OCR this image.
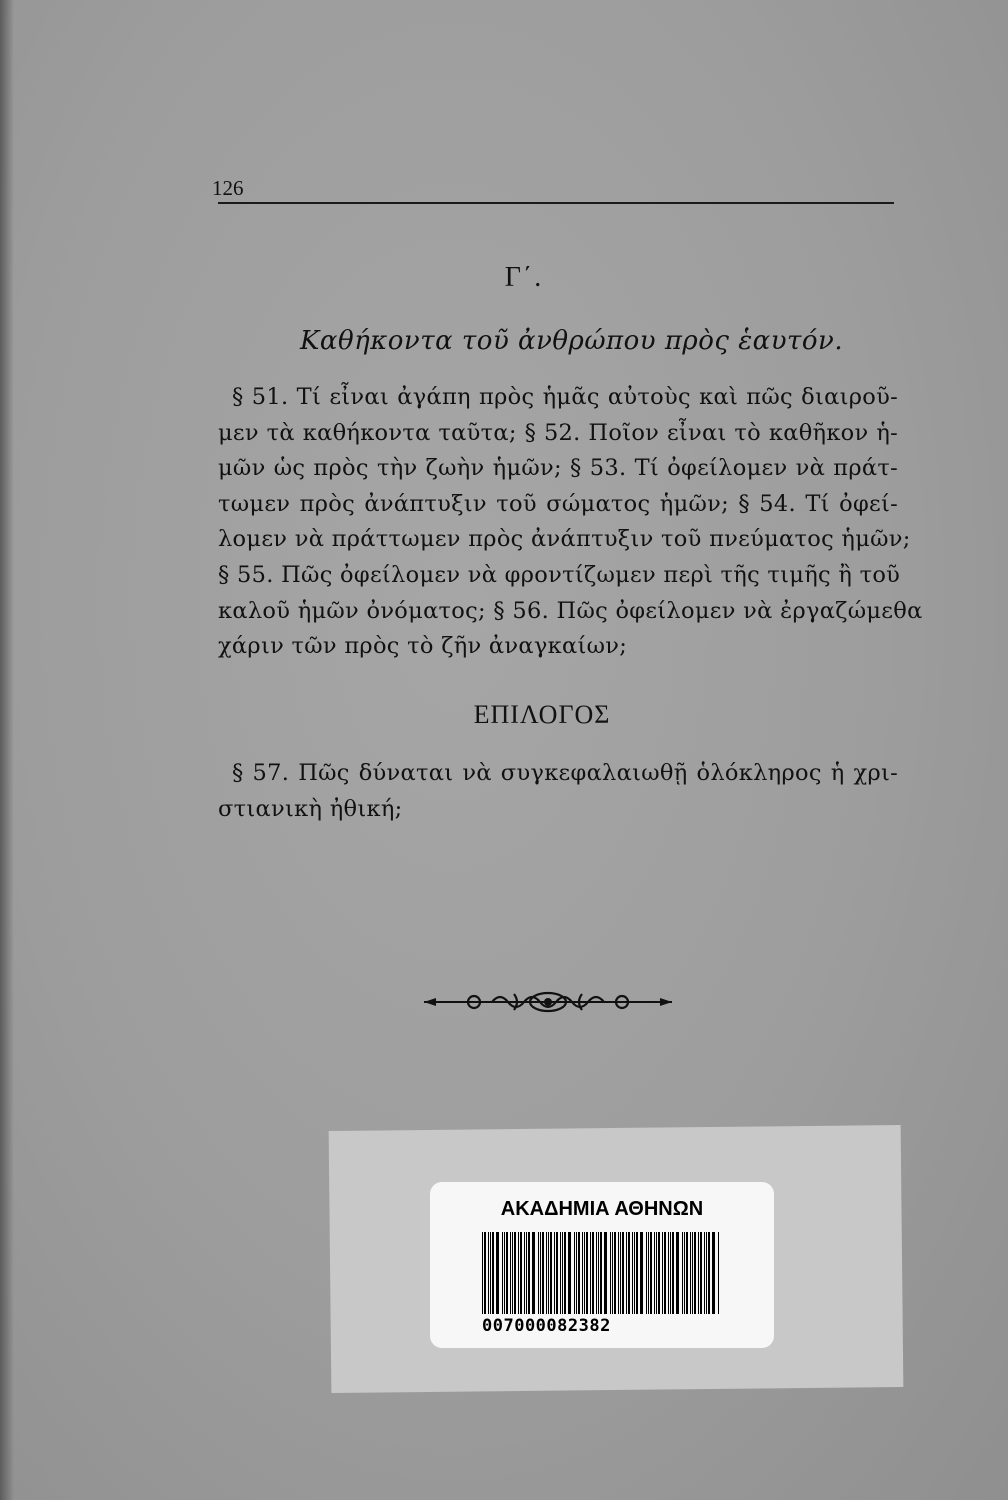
126
Γ΄.
Καθήκοντα τοῦ ἀνθρώπου πρὸς ἑαυτόν.
§ 51. Τί εἶναι ἀγάπη πρὸς ἡμᾶς αὐτοὺς καὶ πῶς διαιροῦ-
μεν τὰ καθήκοντα ταῦτα; § 52. Ποῖον εἶναι τὸ καθῆκον ἡ-
μῶν ὡς πρὸς τὴν ζωὴν ἡμῶν; § 53. Τί ὀφείλομεν νὰ πράτ-
τωμεν πρὸς ἀνάπτυξιν τοῦ σώματος ἡμῶν; § 54. Τί ὀφεί-
λομεν νὰ πράττωμεν πρὸς ἀνάπτυξιν τοῦ πνεύματος ἡμῶν;
§ 55. Πῶς ὀφείλομεν νὰ φροντίζωμεν περὶ τῆς τιμῆς ἢ τοῦ
καλοῦ ἡμῶν ὀνόματος; § 56. Πῶς ὀφείλομεν νὰ ἐργαζώμεθα
χάριν τῶν πρὸς τὸ ζῆν ἀναγκαίων;
ΕΠΙΛΟΓΟΣ
§ 57. Πῶς δύναται νὰ συγκεφαλαιωθῇ ὁλόκληρος ἡ χρι-
στιανικὴ ἠθική;
ΑΚΑΔΗΜΙΑ ΑΘΗΝΩΝ
007000082382
